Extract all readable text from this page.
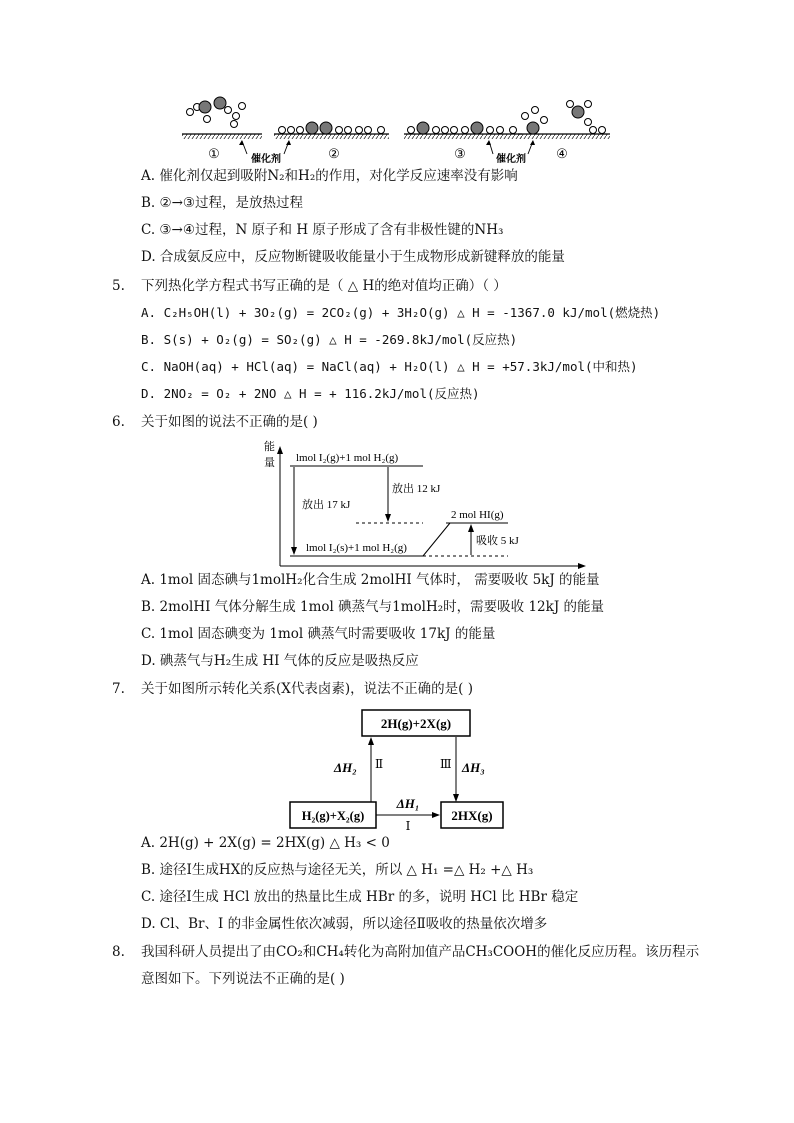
①	催化剂	②	③	催化剂 ④
A. 催化剂仅起到吸附N₂和H₂的作用，对化学反应速率没有影响
B. ②→③过程，是放热过程
C. ③→④过程，N 原子和 H 原子形成了含有非极性键的NH₃
D. 合成氨反应中，反应物断键吸收能量小于生成物形成新键释放的能量
5. 下列热化学方程式书写正确的是（ △ H的绝对值均正确）（ ）
A. C₂H₅OH(l) + 3O₂(g) = 2CO₂(g) + 3H₂O(g) △ H = -1367.0 kJ/mol(燃烧热)
B. S(s) + O₂(g) = SO₂(g) △ H = -269.8kJ/mol(反应热)
C. NaOH(aq) + HCl(aq) = NaCl(aq) + H₂O(l) △ H = +57.3kJ/mol(中和热)
D. 2NO₂ = O₂ + 2NO △ H = + 116.2kJ/mol(反应热)
6. 关于如图的说法不正确的是( )
能
量 lmol I₂(g)+1 mol H₂(g)
lmol I₂(s)+1 mol H₂(g)
2 mol HI(g)
放出 17 kJ
放出 12 kJ
吸收 5 kJ
A. 1mol 固态碘与1molH₂化合生成 2molHI 气体时， 需要吸收 5kJ 的能量
B. 2molHI 气体分解生成 1mol 碘蒸气与1molH₂时，需要吸收 12kJ 的能量
C. 1mol 固态碘变为 1mol 碘蒸气时需要吸收 17kJ 的能量
D. 碘蒸气与H₂生成 HI 气体的反应是吸热反应
7. 关于如图所示转化关系(X代表卤素)，说法不正确的是( )
2H(g)+2X(g)
H₂(g)+X₂(g)	2HX(g)
ΔH₂ Ⅱ	Ⅲ ΔH₃
ΔH₁
Ⅰ
A. 2H(g) + 2X(g) = 2HX(g) △ H₃ < 0
B. 途径Ⅰ生成HX的反应热与途径无关，所以 △ H₁ =△ H₂ +△ H₃
C. 途径Ⅰ生成 HCl 放出的热量比生成 HBr 的多，说明 HCl 比 HBr 稳定
D. Cl、Br、I 的非金属性依次减弱，所以途径Ⅱ吸收的热量依次增多
8. 我国科研人员提出了由CO₂和CH₄转化为高附加值产品CH₃COOH的催化反应历程。该历程示
意图如下。下列说法不正确的是( )
